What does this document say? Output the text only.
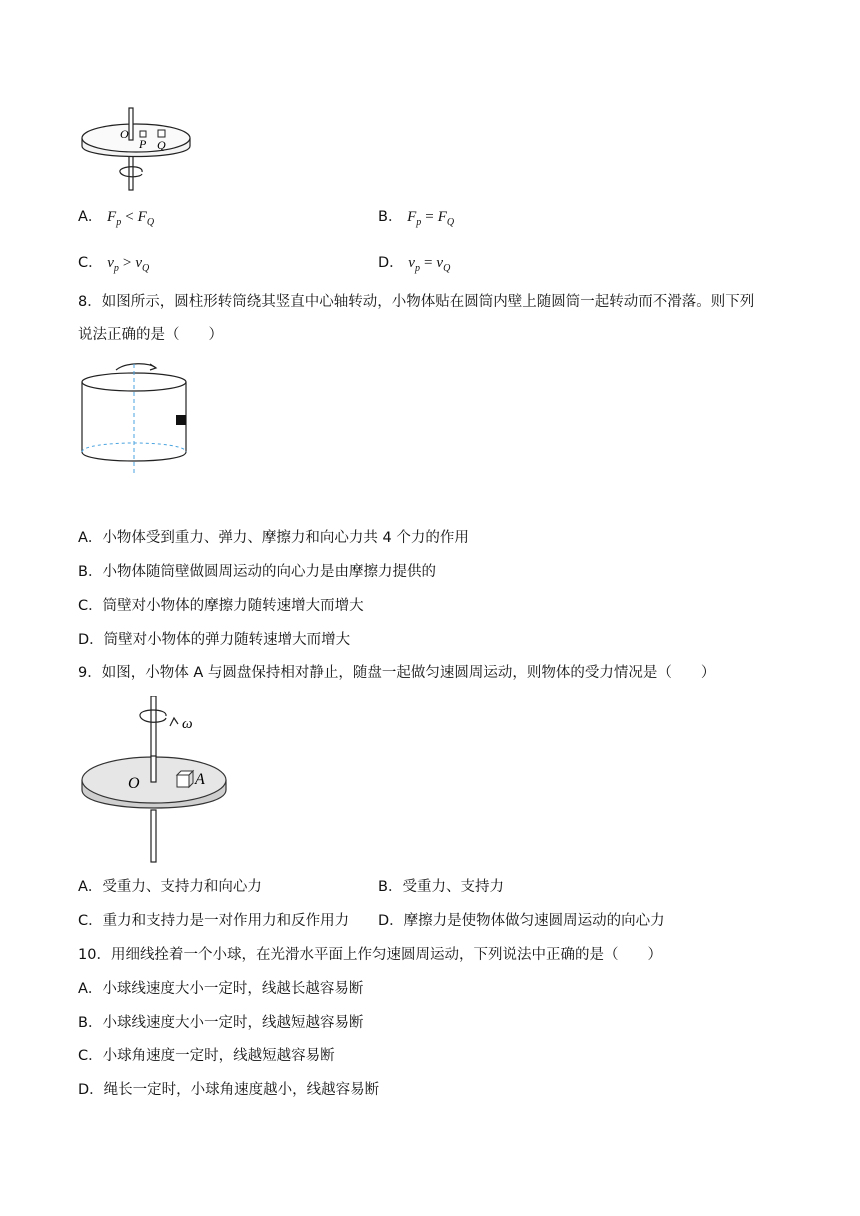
O
P Q
A． $F_p < F_Q$	B． $F_p = F_Q$
C． $v_p > v_Q$	D． $v_p = v_Q$
8．如图所示，圆柱形转筒绕其竖直中心轴转动，小物体贴在圆筒内壁上随圆筒一起转动而不滑落。则下列
说法正确的是（　　）
A．小物体受到重力、弹力、摩擦力和向心力共 4 个力的作用
B．小物体随筒壁做圆周运动的向心力是由摩擦力提供的
C．筒壁对小物体的摩擦力随转速增大而增大
D．筒壁对小物体的弹力随转速增大而增大
9．如图，小物体 A 与圆盘保持相对静止，随盘一起做匀速圆周运动，则物体的受力情况是（　　）
ω
O	A
A．受重力、支持力和向心力	B．受重力、支持力
C．重力和支持力是一对作用力和反作用力 D．摩擦力是使物体做匀速圆周运动的向心力
10．用细线拴着一个小球，在光滑水平面上作匀速圆周运动，下列说法中正确的是（　　）
A．小球线速度大小一定时，线越长越容易断
B．小球线速度大小一定时，线越短越容易断
C．小球角速度一定时，线越短越容易断
D．绳长一定时，小球角速度越小，线越容易断
